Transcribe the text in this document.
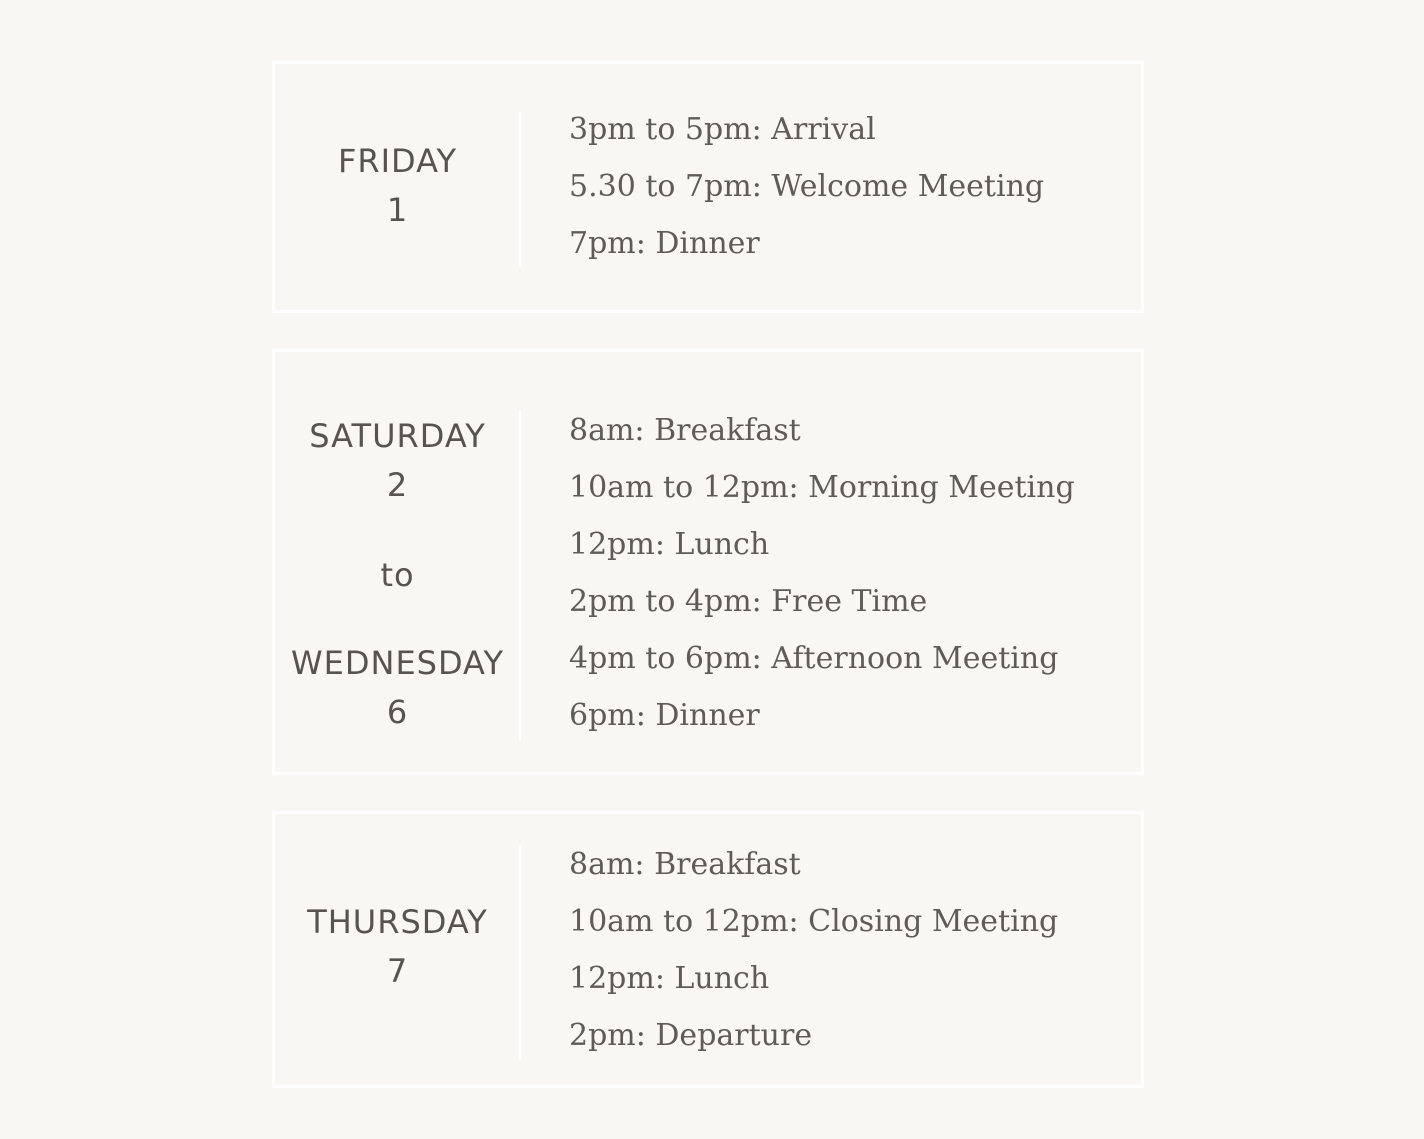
FRIDAY
1
3pm to 5pm: Arrival
5.30 to 7pm: Welcome Meeting
7pm: Dinner
SATURDAY
2
to
WEDNESDAY
6
8am: Breakfast
10am to 12pm: Morning Meeting
12pm: Lunch
2pm to 4pm: Free Time
4pm to 6pm: Afternoon Meeting
6pm: Dinner
THURSDAY
7
8am: Breakfast
10am to 12pm: Closing Meeting
12pm: Lunch
2pm: Departure
